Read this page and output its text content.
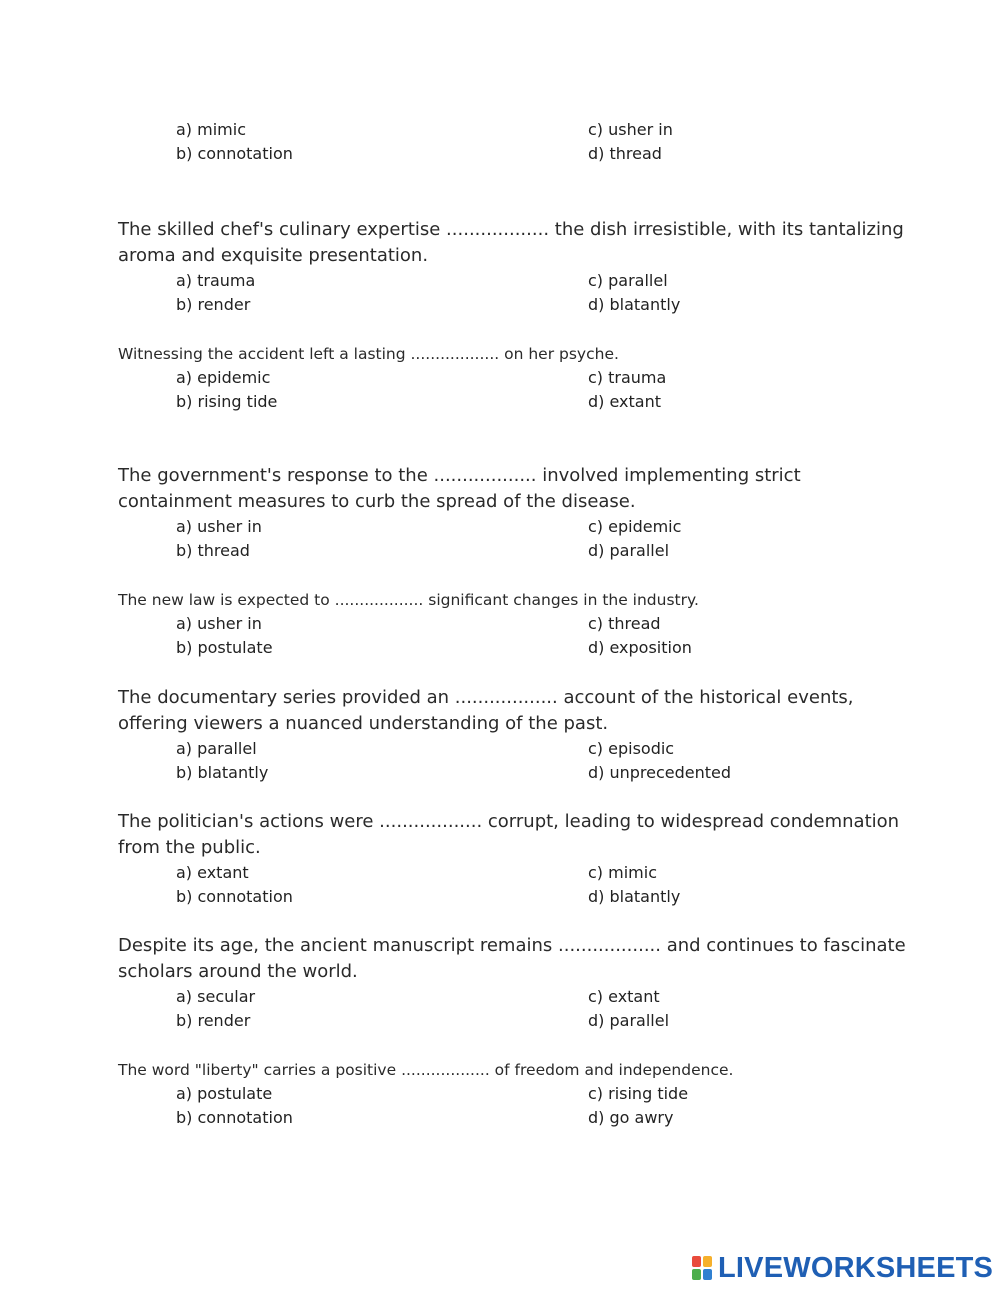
a) mimic
b) connotation
c) usher in
d) thread

The skilled chef's culinary expertise .................. the dish irresistible, with its tantalizing aroma and exquisite presentation.

a) trauma
b) render
c) parallel
d) blatantly

Witnessing the accident left a lasting .................. on her psyche.

a) epidemic
b) rising tide
c) trauma
d) extant

The government's response to the .................. involved implementing strict containment measures to curb the spread of the disease.

a) usher in
b) thread
c) epidemic
d) parallel

The new law is expected to .................. significant changes in the industry.

a) usher in
b) postulate
c) thread
d) exposition

The documentary series provided an .................. account of the historical events, offering viewers a nuanced understanding of the past.

a) parallel
b) blatantly
c) episodic
d) unprecedented

The politician's actions were .................. corrupt, leading to widespread condemnation from the public.

a) extant
b) connotation
c) mimic
d) blatantly

Despite its age, the ancient manuscript remains .................. and continues to fascinate scholars around the world.

a) secular
b) render
c) extant
d) parallel

The word "liberty" carries a positive .................. of freedom and independence.

a) postulate
b) connotation
c) rising tide
d) go awry
LIVEWORKSHEETS
